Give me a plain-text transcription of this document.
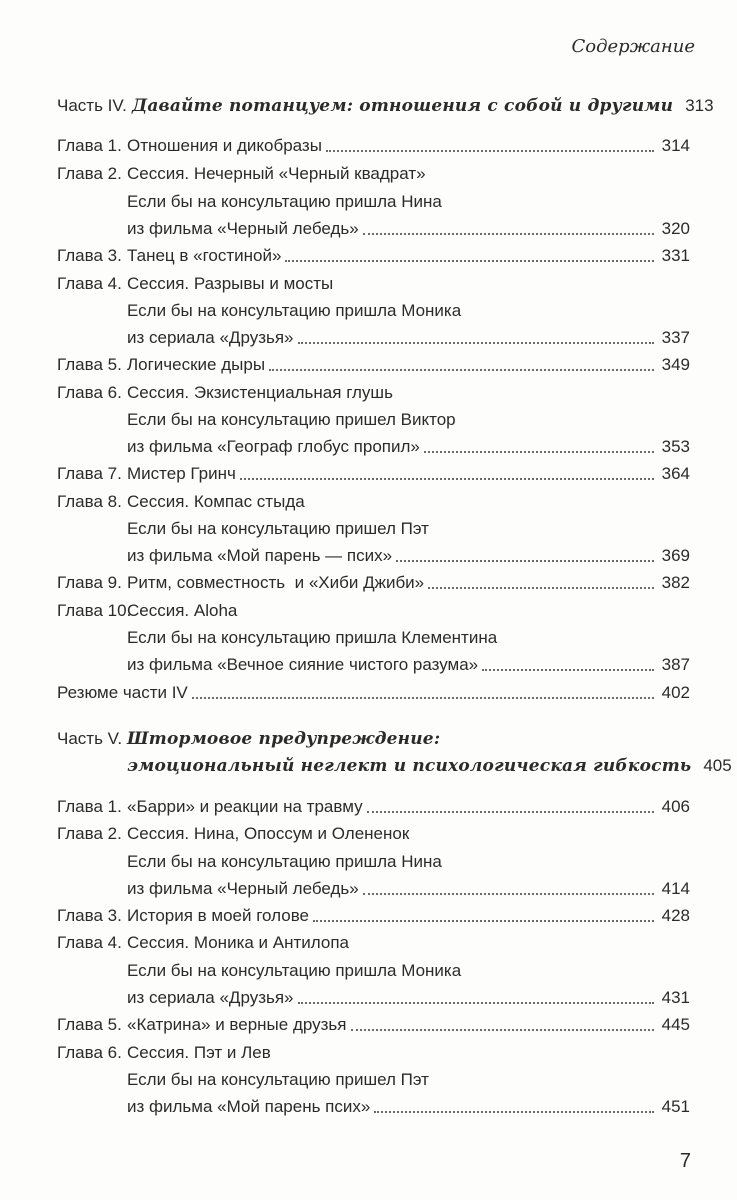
Содержание
Часть IV. Давайте потанцуем: отношения с собой и другими 313
Глава 1. Отношения и дикобразы	314
Глава 2. Сессия. Нечерный «Черный квадрат»
Если бы на консультацию пришла Нина
из фильма «Черный лебедь»	320
Глава 3. Танец в «гостиной»	331
Глава 4. Сессия. Разрывы и мосты
Если бы на консультацию пришла Моника
из сериала «Друзья»	337
Глава 5. Логические дыры	349
Глава 6. Сессия. Экзистенциальная глушь
Если бы на консультацию пришел Виктор
из фильма «Географ глобус пропил»	353
Глава 7. Мистер Гринч	364
Глава 8. Сессия. Компас стыда
Если бы на консультацию пришел Пэт
из фильма «Мой парень — псих»	369
Глава 9. Ритм, совместность  и «Хиби Джиби»	382
Глава 10.
Сессия. Aloha
Если бы на консультацию пришла Клементина
из фильма «Вечное сияние чистого разума»	387
Резюме части IV	402
Часть V. Штормовое предупреждение:
эмоциональный неглект и психологическая гибкость 405
Глава 1. «Барри» и реакции на травму	406
Глава 2. Сессия. Нина, Опоссум и Олененок
Если бы на консультацию пришла Нина
из фильма «Черный лебедь»	414
Глава 3. История в моей голове	428
Глава 4. Сессия. Моника и Антилопа
Если бы на консультацию пришла Моника
из сериала «Друзья»	431
Глава 5. «Катрина» и верные друзья	445
Глава 6. Сессия. Пэт и Лев
Если бы на консультацию пришел Пэт
из фильма «Мой парень псих»	451
7
